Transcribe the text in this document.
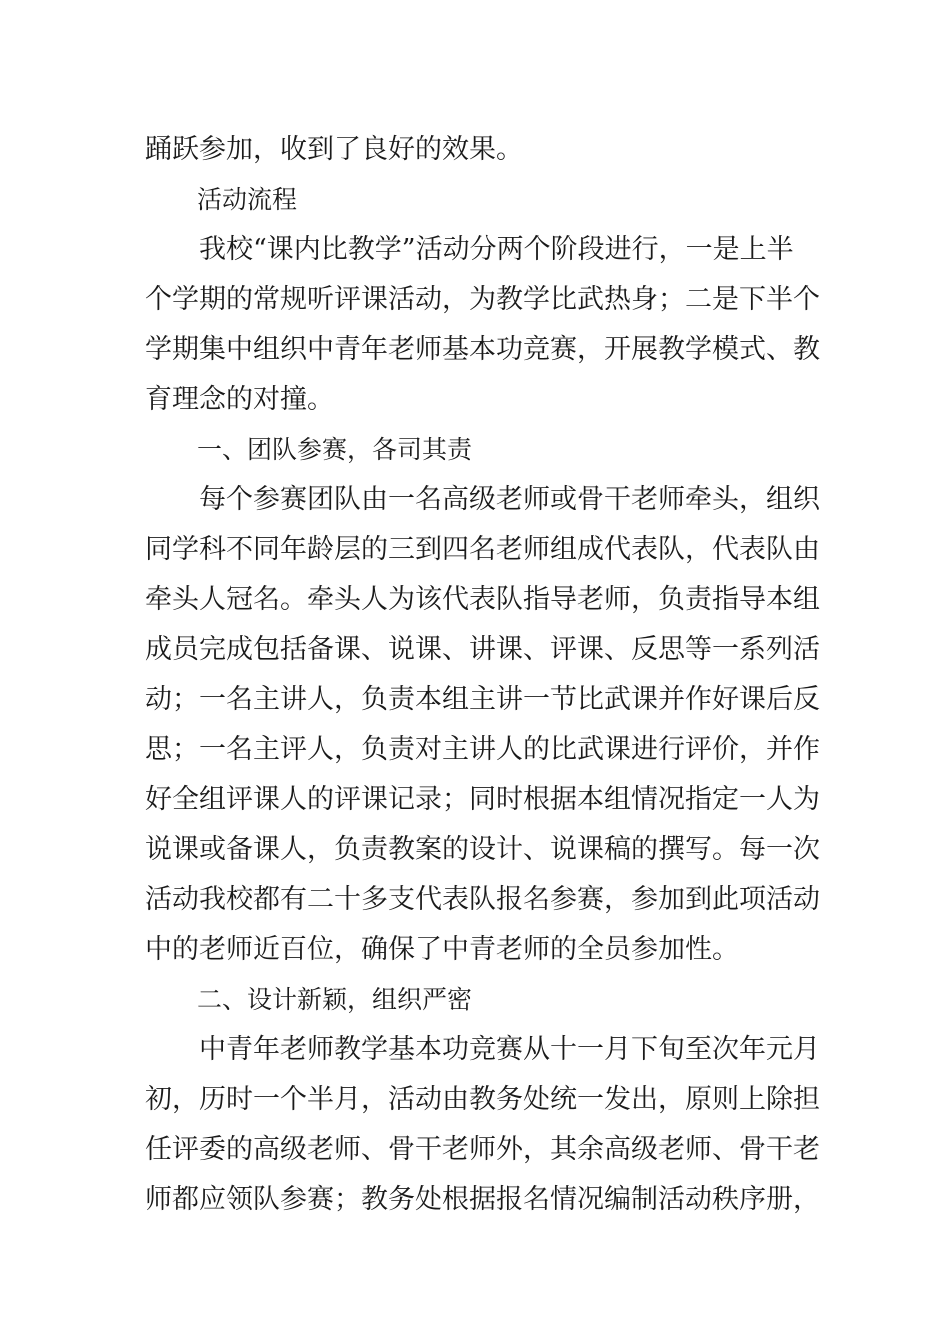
踊跃参加，收到了良好的效果。
活动流程
我校“课内比教学”活动分两个阶段进行，一是上半
个学期的常规听评课活动，为教学比武热身；二是下半个
学期集中组织中青年老师基本功竞赛，开展教学模式、教
育理念的对撞。
一、团队参赛，各司其责
每个参赛团队由一名高级老师或骨干老师牵头，组织
同学科不同年龄层的三到四名老师组成代表队，代表队由
牵头人冠名。牵头人为该代表队指导老师，负责指导本组
成员完成包括备课、说课、讲课、评课、反思等一系列活
动；一名主讲人，负责本组主讲一节比武课并作好课后反
思；一名主评人，负责对主讲人的比武课进行评价，并作
好全组评课人的评课记录；同时根据本组情况指定一人为
说课或备课人，负责教案的设计、说课稿的撰写。每一次
活动我校都有二十多支代表队报名参赛，参加到此项活动
中的老师近百位，确保了中青老师的全员参加性。
二、设计新颖，组织严密
中青年老师教学基本功竞赛从十一月下旬至次年元月
初，历时一个半月，活动由教务处统一发出，原则上除担
任评委的高级老师、骨干老师外，其余高级老师、骨干老
师都应领队参赛；教务处根据报名情况编制活动秩序册，
